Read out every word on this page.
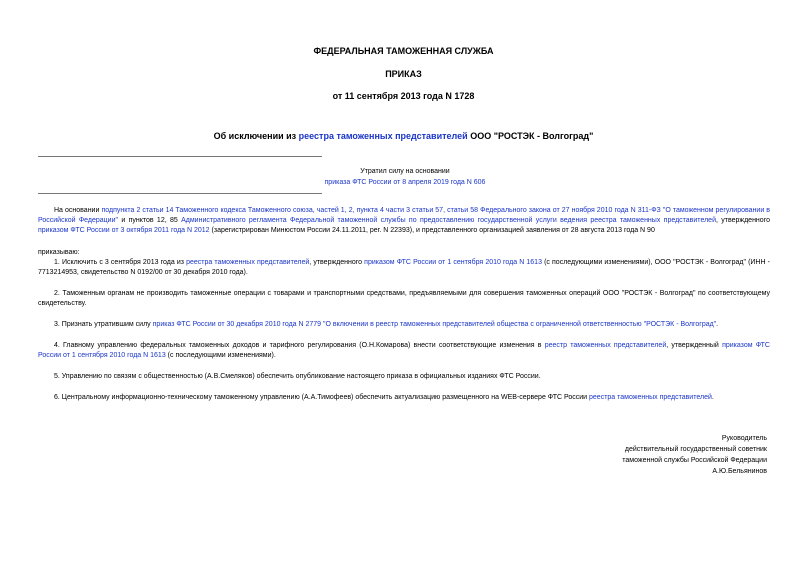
ФЕДЕРАЛЬНАЯ ТАМОЖЕННАЯ СЛУЖБА
ПРИКАЗ
от 11 сентября 2013 года N 1728
Об исключении из реестра таможенных представителей ООО "РОСТЭК - Волгоград"
Утратил силу на основании
приказа ФТС России от 8 апреля 2019 года N 606
На основании подпункта 2 статьи 14 Таможенного кодекса Таможенного союза, частей 1, 2, пункта 4 части 3 статьи 57, статьи 58 Федерального закона от 27 ноября 2010 года N 311-ФЗ "О таможенном регулировании в Российской Федерации" и пунктов 12, 85 Административного регламента Федеральной таможенной службы по предоставлению государственной услуги ведения реестра таможенных представителей, утвержденного приказом ФТС России от 3 октября 2011 года N 2012 (зарегистрирован Минюстом России 24.11.2011, рег. N 22393), и представленного организацией заявления от 28 августа 2013 года N 90
приказываю:
1. Исключить с 3 сентября 2013 года из реестра таможенных представителей, утвержденного приказом ФТС России от 1 сентября 2010 года N 1613 (с последующими изменениями), ООО "РОСТЭК - Волгоград" (ИНН - 7713214953, свидетельство N 0192/00 от 30 декабря 2010 года).
2. Таможенным органам не производить таможенные операции с товарами и транспортными средствами, предъявляемыми для совершения таможенных операций ООО "РОСТЭК - Волгоград" по соответствующему свидетельству.
3. Признать утратившим силу приказ ФТС России от 30 декабря 2010 года N 2779 "О включении в реестр таможенных представителей общества с ограниченной ответственностью "РОСТЭК - Волгоград".
4. Главному управлению федеральных таможенных доходов и тарифного регулирования (О.Н.Комарова) внести соответствующие изменения в реестр таможенных представителей, утвержденный приказом ФТС России от 1 сентября 2010 года N 1613 (с последующими изменениями).
5. Управлению по связям с общественностью (А.В.Смеляков) обеспечить опубликование настоящего приказа в официальных изданиях ФТС России.
6. Центральному информационно-техническому таможенному управлению (А.А.Тимофеев) обеспечить актуализацию размещенного на WEB-сервере ФТС России реестра таможенных представителей.
Руководитель
действительный государственный советник
таможенной службы Российской Федерации
А.Ю.Бельянинов
